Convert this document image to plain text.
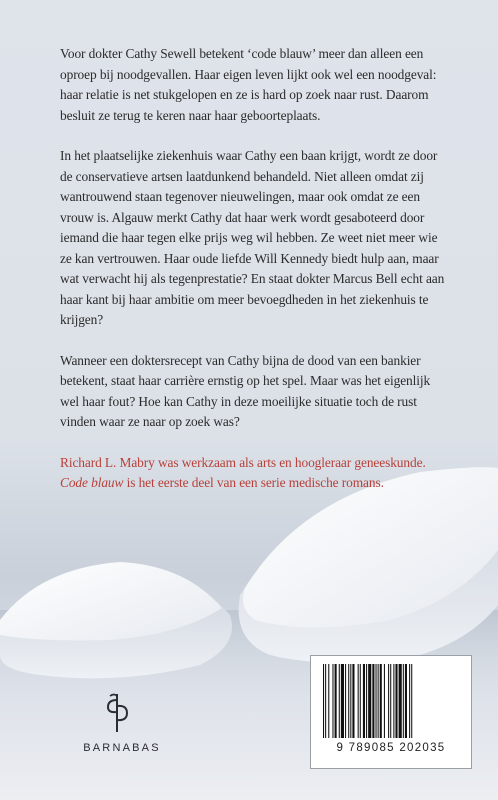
Voor dokter Cathy Sewell betekent ‘code blauw’ meer dan alleen een oproep bij noodgevallen. Haar eigen leven lijkt ook wel een noodgeval: haar relatie is net stukgelopen en ze is hard op zoek naar rust. Daarom besluit ze terug te keren naar haar geboorteplaats.

In het plaatselijke ziekenhuis waar Cathy een baan krijgt, wordt ze door de conservatieve artsen laatdunkend behandeld. Niet alleen omdat zij wantrouwend staan tegenover nieuwelingen, maar ook omdat ze een vrouw is. Algauw merkt Cathy dat haar werk wordt gesaboteerd door iemand die haar tegen elke prijs weg wil hebben. Ze weet niet meer wie ze kan vertrouwen. Haar oude liefde Will Kennedy biedt hulp aan, maar wat verwacht hij als tegenprestatie? En staat dokter Marcus Bell echt aan haar kant bij haar ambitie om meer bevoegdheden in het ziekenhuis te krijgen?

Wanneer een doktersrecept van Cathy bijna de dood van een bankier betekent, staat haar carrière ernstig op het spel. Maar was het eigenlijk wel haar fout? Hoe kan Cathy in deze moeilijke situatie toch de rust vinden waar ze naar op zoek was?

Richard L. Mabry was werkzaam als arts en hoogleraar geneeskunde.
Code blauw is het eerste deel van een serie medische romans.

BARNABAS	9 789085 202035
